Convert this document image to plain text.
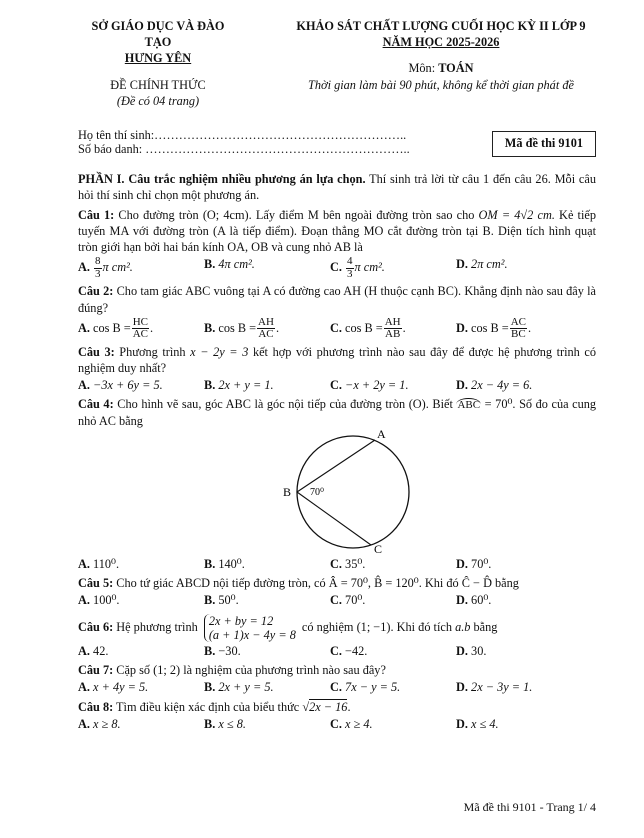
SỞ GIÁO DỤC VÀ ĐÀO TẠO
HƯNG YÊN
ĐỀ CHÍNH THỨC
(Đề có 04 trang)
KHẢO SÁT CHẤT LƯỢNG CUỐI HỌC KỲ II LỚP 9
NĂM HỌC 2025-2026
Môn: TOÁN
Thời gian làm bài 90 phút, không kể thời gian phát đề
Họ tên thí sinh:……………………………………………………..
Số báo danh: ………………………………………………………..	Mã đề thi 9101
PHẦN I. Câu trắc nghiệm nhiều phương án lựa chọn. Thí sinh trả lời từ câu 1 đến câu 26. Mỗi câu hỏi thí sinh chỉ chọn một phương án.
Câu 1: Cho đường tròn (O; 4cm). Lấy điểm M bên ngoài đường tròn sao cho OM = 4√2 cm. Kẻ tiếp tuyến MA với đường tròn (A là tiếp điểm). Đoạn thẳng MO cắt đường tròn tại B. Diện tích hình quạt tròn giới hạn bởi hai bán kính OA, OB và cung nhỏ AB là
A. $\frac{8}{3}$ π cm².	B. 4π cm².	C. $\frac{4}{3}$ π cm².	D. 2π cm².
Câu 2: Cho tam giác ABC vuông tại A có đường cao AH (H thuộc cạnh BC). Khẳng định nào sau đây là đúng?
A. $\cos B = \frac{HC}{AC}$ .	B. $\cos B = \frac{AH}{AC}$ .	C. $\cos B = \frac{AH}{AB}$ .	D. $\cos B = \frac{AC}{BC}$ .
Câu 3: Phương trình x − 2y = 3 kết hợp với phương trình nào sau đây để được hệ phương trình có nghiệm duy nhất?
A. −3x + 6y = 5.	B. 2x + y = 1.	C. −x + 2y = 1.	D. 2x − 4y = 6.
Câu 4: Cho hình vẽ sau, góc ABC là góc nội tiếp của đường tròn (O). Biết ABC = 70⁰. Số đo của cung nhỏ AC bằng
A
B
C
70⁰
A. 110⁰.	B. 140⁰.	C. 35⁰.	D. 70⁰.
Câu 5: Cho tứ giác ABCD nội tiếp đường tròn, có Â = 70⁰, B̂ = 120⁰. Khi đó Ĉ − D̂ bằng
A. 100⁰.	B. 50⁰.	C. 70⁰.	D. 60⁰.
Câu 6: Hệ phương trình 2x + by = 12
(a + 1)x − 4y = 8
có nghiệm (1; −1). Khi đó tích a.b bằng
A. 42.	B. −30.	C. −42.	D. 30.
Câu 7: Cặp số (1; 2) là nghiệm của phương trình nào sau đây?
A. x + 4y = 5.	B. 2x + y = 5.	C. 7x − y = 5.	D. 2x − 3y = 1.
Câu 8: Tìm điều kiện xác định của biểu thức √2x − 16.
A. x ≥ 8.	B. x ≤ 8.	C. x ≥ 4.	D. x ≤ 4.
Mã đề thi 9101 - Trang 1/ 4
